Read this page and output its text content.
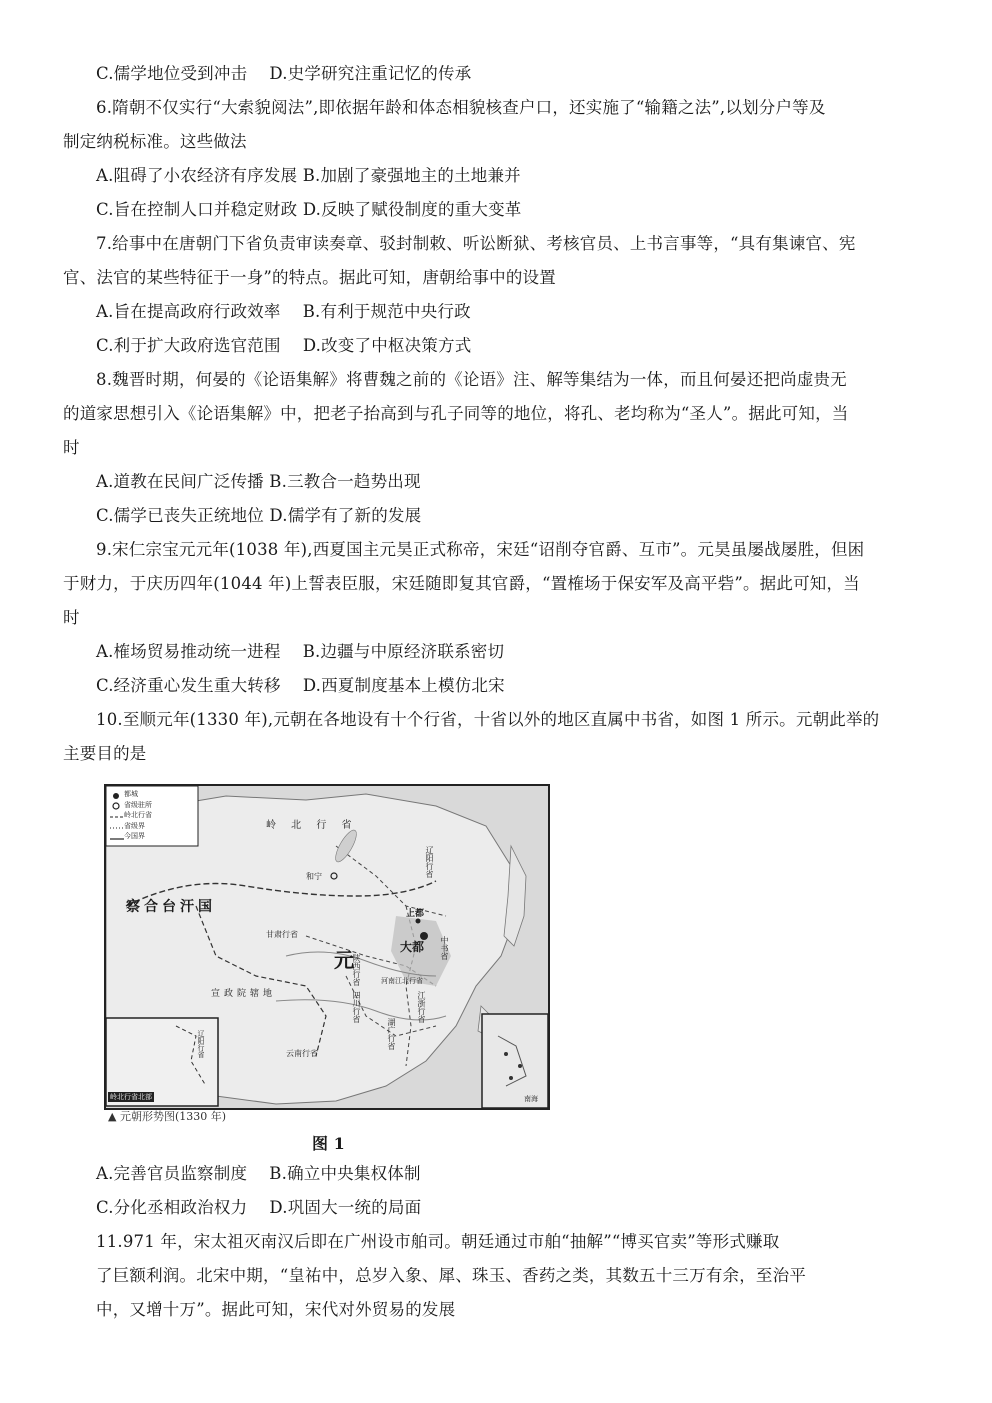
C.儒学地位受到冲击　 D.史学研究注重记忆的传承
6.隋朝不仅实行“大索貌阅法”,即依据年龄和体态相貌核查户口，还实施了“输籍之法”,以划分户等及
制定纳税标准。这些做法
A.阻碍了小农经济有序发展 B.加剧了豪强地主的土地兼并
C.旨在控制人口并稳定财政 D.反映了赋役制度的重大变革
7.给事中在唐朝门下省负责审读奏章、驳封制敕、听讼断狱、考核官员、上书言事等，“具有集谏官、宪
官、法官的某些特征于一身”的特点。据此可知，唐朝给事中的设置
A.旨在提高政府行政效率　 B.有利于规范中央行政
C.利于扩大政府选官范围　 D.改变了中枢决策方式
8.魏晋时期，何晏的《论语集解》将曹魏之前的《论语》注、解等集结为一体，而且何晏还把尚虚贵无
的道家思想引入《论语集解》中，把老子抬高到与孔子同等的地位，将孔、老均称为“圣人”。据此可知，当
时
A.道教在民间广泛传播 B.三教合一趋势出现
C.儒学已丧失正统地位 D.儒学有了新的发展
9.宋仁宗宝元元年(1038 年),西夏国主元昊正式称帝，宋廷“诏削夺官爵、互市”。元昊虽屡战屡胜，但困
于财力，于庆历四年(1044 年)上誓表臣服，宋廷随即复其官爵，“置榷场于保安军及高平砦”。据此可知，当
时
A.榷场贸易推动统一进程　 B.边疆与中原经济联系密切
C.经济重心发生重大转移　 D.西夏制度基本上模仿北宋
10.至顺元年(1330 年),元朝在各地设有十个行省，十省以外的地区直属中书省，如图 1 所示。元朝此举的
主要目的是
都城
省级驻所
岭北行省
省级界
今国界
岭 北 行 省
和宁
察合台汗国
甘肃行省
元
上都
大都
辽阳行省
中书省
陕西行省	河南江北行省
宣政院辖地	四川行省	江浙行省
湖广行省
云南行省
辽阳行省
岭北行省北部	南海
▲ 元朝形势图(1330 年)
图 1
A.完善官员监察制度　 B.确立中央集权体制
C.分化丞相政治权力　 D.巩固大一统的局面
11.971 年，宋太祖灭南汉后即在广州设市舶司。朝廷通过市舶“抽解”“博买官卖”等形式赚取
了巨额利润。北宋中期，“皇祐中，总岁入象、犀、珠玉、香药之类，其数五十三万有余，至治平
中，又增十万”。据此可知，宋代对外贸易的发展
